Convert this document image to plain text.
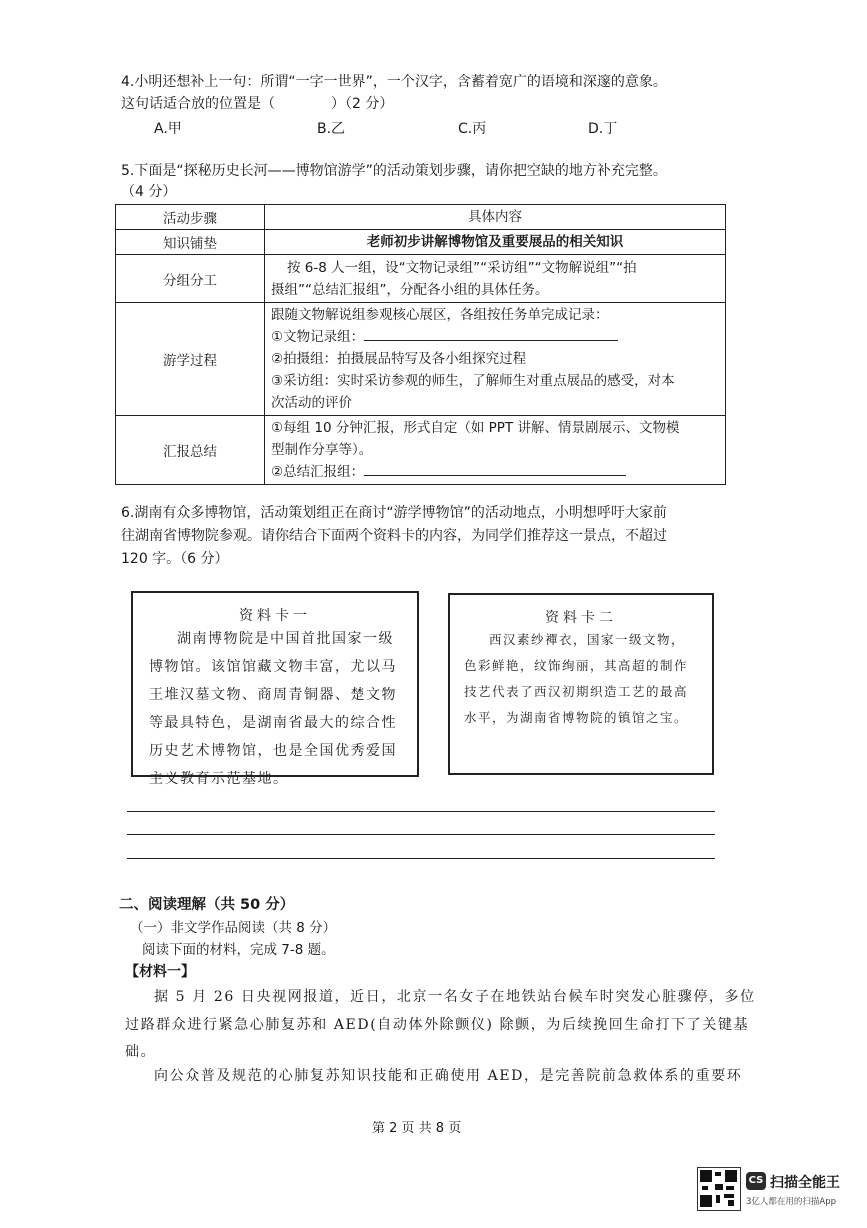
4.小明还想补上一句：所谓“一字一世界”，一个汉字，含蓄着宽广的语境和深邃的意象。
这句话适合放的位置是（	）（2 分）
A.甲	B.乙	C.丙	D.丁
5.下面是“探秘历史长河——博物馆游学”的活动策划步骤，请你把空缺的地方补充完整。
（4 分）
活动步骤	具体内容
知识铺垫	老师初步讲解博物馆及重要展品的相关知识
分组分工	按 6-8 人一组，设“文物记录组”“采访组”“文物解说组”“拍
摄组”“总结汇报组”，分配各小组的具体任务。

游学过程	跟随文物解说组参观核心展区，各组按任务单完成记录：
①文物记录组：
②拍摄组：拍摄展品特写及各小组探究过程
③采访组：实时采访参观的师生，了解师生对重点展品的感受，对本
次活动的评价

汇报总结	①每组 10 分钟汇报，形式自定（如 PPT 讲解、情景剧展示、文物模
型制作分享等）。
②总结汇报组：
6.湖南有众多博物馆，活动策划组正在商讨“游学博物馆”的活动地点，小明想呼吁大家前
往湖南省博物院参观。请你结合下面两个资料卡的内容，为同学们推荐这一景点，不超过
120 字。（6 分）
资料卡一
湖南博物院是中国首批国家一级博物馆。该馆馆藏文物丰富，尤以马王堆汉墓文物、商周青铜器、楚文物等最具特色，是湖南省最大的综合性历史艺术博物馆，也是全国优秀爱国主义教育示范基地。
资料卡二
西汉素纱襌衣，国家一级文物，色彩鲜艳，纹饰绚丽，其高超的制作技艺代表了西汉初期织造工艺的最高水平，为湖南省博物院的镇馆之宝。
二、阅读理解（共 50 分）
（一）非文学作品阅读（共 8 分）
阅读下面的材料，完成 7-8 题。
【材料一】
据 5 月 26 日央视网报道，近日，北京一名女子在地铁站台候车时突发心脏骤停，多位
过路群众进行紧急心肺复苏和 AED(自动体外除颤仪) 除颤，为后续挽回生命打下了关键基
础。
向公众普及规范的心肺复苏知识技能和正确使用 AED，是完善院前急救体系的重要环
第 2 页 共 8 页
CS 扫描全能王
3亿人都在用的扫描App
